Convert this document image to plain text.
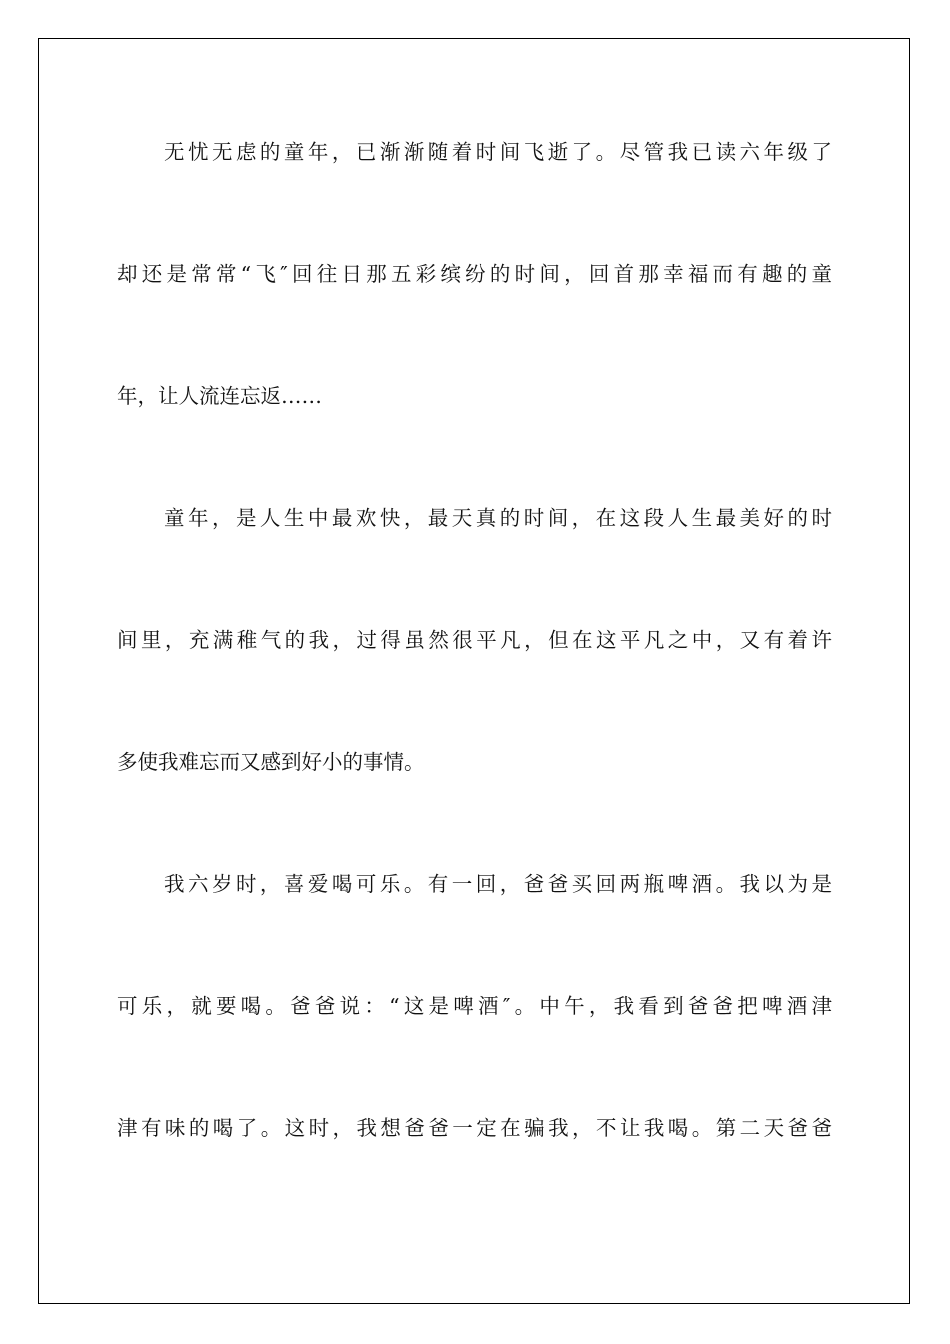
无忧无虑的童年，已渐渐随着时间飞逝了。尽管我已读六年级了
却还是常常“飞″回往日那五彩缤纷的时间，回首那幸福而有趣的童
年，让人流连忘返……
童年，是人生中最欢快，最天真的时间，在这段人生最美好的时
间里，充满稚气的我，过得虽然很平凡，但在这平凡之中，又有着许
多使我难忘而又感到好小的事情。
我六岁时，喜爱喝可乐。有一回，爸爸买回两瓶啤酒。我以为是
可乐，就要喝。爸爸说：“这是啤酒″。中午，我看到爸爸把啤酒津
津有味的喝了。这时，我想爸爸一定在骗我，不让我喝。第二天爸爸
